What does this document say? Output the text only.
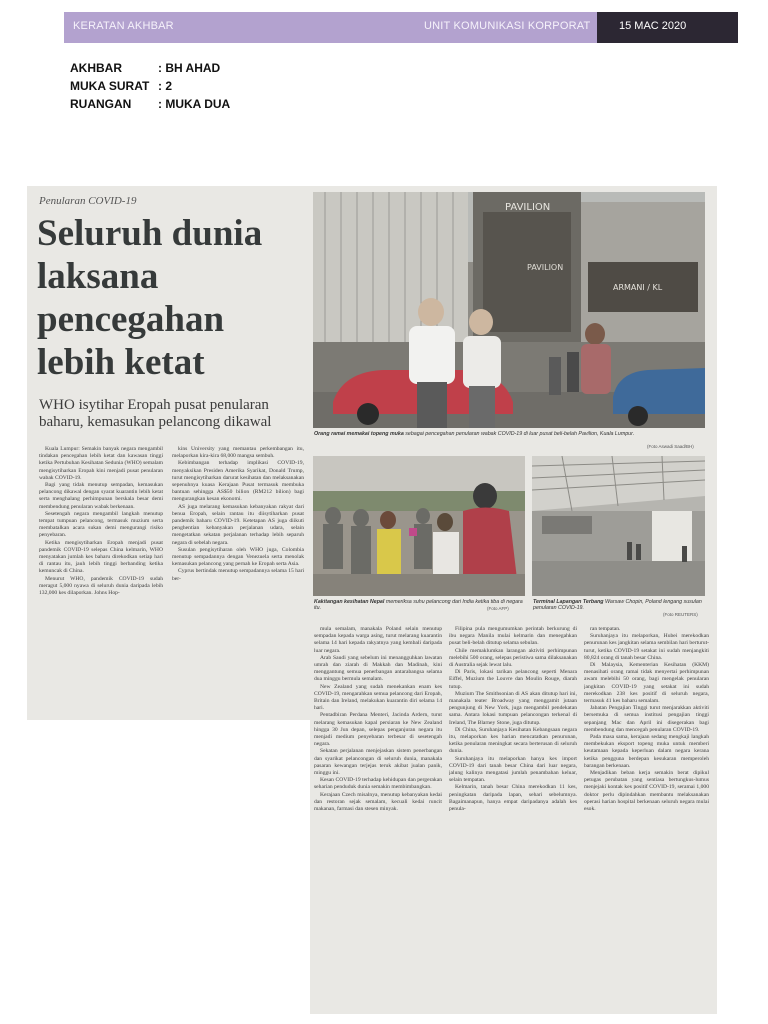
KERATAN AKHBAR	UNIT KOMUNIKASI KORPORAT	15 MAC 2020
AKHBAR	: BH AHAD
MUKA SURAT : 2
RUANGAN	: MUKA DUA
Penularan COVID-19
Seluruh dunia laksana pencegahan lebih ketat
WHO isytihar Eropah pusat penularan baharu, kemasukan pelancong dikawal

Kuala Lumpur: Semakin banyak negara mengambil tindakan pencegahan lebih ketat dan kawasan tinggi ketika Pertubuhan Kesihatan Sedunia (WHO) semalam mengisytiharkan Eropah kini menjadi pusat penularan wabak COVID-19.

Bagi yang tidak menutup sempadan, kemasukan pelancong dikawal dengan syarat kuarantin lebih ketat serta menghalang perhimpunan berskala besar demi membendung penularan wabak berkenaan.

Sesetengah negara mengambil langkah menutup tempat tumpuan pelancong, termasuk muzium serta membatalkan acara sukan demi mengurangi risiko penyebaran.

Ketika mengisytiharkan Eropah menjadi pusat pandemik COVID-19 selepas China kelmarin, WHO menyatakan jumlah kes baharu direkodkan setiap hari di rantau itu, jauh lebih tinggi berbanding ketika kemuncak di China.

Menurut WHO, pandemik COVID-19 sudah meragut 5,000 nyawa di seluruh dunia daripada lebih 132,000 kes dilaporkan. Johns Hop-

kins University yang memantau perkembangan itu, melaporkan kira-kira 68,000 mangsa sembuh.

Kebimbangan terhadap implikasi COVID-19, menyaksikan Presiden Amerika Syarikat, Donald Trump, turut mengisytiharkan darurat kesihatan dan melaksanakan sepenuhnya kuasa Kerajaan Pusat termasuk membuka bantuan sehingga AS$50 bilion (RM212 bilion) bagi mengurangkan kesan ekonomi.

AS juga melarang kemasukan kebanyakan rakyat dari benua Eropah, selain rantau itu diisytiharkan pusat pandemik baharu COVID-19. Ketetapan AS juga diikuti penghentian kebanyakan perjalanan udara, selain mengetatkan sekatan perjalanan terhadap lebih separuh negara di sebelah negara.

Susulan pengisytiharan oleh WHO juga, Colombia menutup sempadannya dengan Venezuela serta menolak kemasukan pelancong yang pernah ke Eropah serta Asia.

Cyprus bertindak menutup sempadannya selama 15 hari ber-

PAVILION
PAVILION
ARMANI / KL
Orang ramai memakai topeng muka sebagai pencegahan penularan wabak COVID-19 di luar pusat beli-belah Pavilion, Kuala Lumpur.
(Foto Aswadi Saad/BH)
Kakitangan kesihatan Nepal memeriksa suhu pelancong dari India ketika tiba di negara itu.	(Foto AFP)
Terminal Lapangan Terbang Warsaw Chopin, Poland lengang susulan penularan COVID-19.
(Foto REUTERS)

mula semalam, manakala Poland selain menutup sempadan kepada warga asing, turut melarang kuarantin selama 14 hari kepada rakyatnya yang kembali daripada luar negara.

Arab Saudi yang sebelum ini menangguhkan lawatan umrah dan ziarah di Makkah dan Madinah, kini menggantung semua penerbangan antarabangsa selama dua minggu bermula semalam.

New Zealand yang sudah menekankan enam kes COVID-19, mengarahkan semua pelancong dari Eropah, Britain dan Ireland, melakukan kuarantin diri selama 14 hari.

Pentadbiran Perdana Menteri, Jacinda Ardern, turut melarang kemasukan kapal persiaran ke New Zealand hingga 30 Jun depan, selepas penganjuran negara itu menjadi medium penyebaran terbesar di sesetengah negara.

Sekatan perjalanan menjejaskan sistem penerbangan dan syarikat pelancongan di seluruh dunia, manakala pasaran kewangan terjejas teruk akibat jualan panik, minggu ini.

Kesan COVID-19 terhadap kehidupan dan pergerakan seharian penduduk dunia semakin membimbangkan.

Kerajaan Czech misalnya, menutup kebanyakan kedai dan restoran sejak semalam, kecuali kedai runcit makanan, farmasi dan stesen minyak.

Filipina pula mengumumkan perintah berkurung di ibu negara Manila mulai kelmarin dan menegahkan pusat beli-belah ditutup selama sebulan.

Chile memaklumkan larangan aktiviti perhimpunan melebihi 500 orang, selepas peristiwa sama dilaksanakan di Australia sejak lewat lalu.

Di Paris, lokasi tarikan pelancong seperti Menara Eiffel, Muzium the Louvre dan Moulin Rouge, diarah tutup.

Muzium The Smithsonian di AS akan ditutup hari ini, manakala teater Broadway yang menggamit jutaan pengunjung di New York, juga mengambil pendekatan sama. Antara lokasi tumpuan pelancongan terkenal di Ireland, The Blarney Stone, juga ditutup.

Di China, Suruhanjaya Kesihatan Kebangsaan negara itu, melaporkan kes harian mencatatkan penurunan, ketika penularan meningkat secara berterusan di seluruh dunia.

Suruhanjaya itu melaporkan hanya kes import COVID-19 dari tanah besar China dari luar negara, jalung kalinya mengatasi jumlah penambahan keluar, selain tempatan.

Kelmarin, tanah besar China merekodkan 11 kes, peningkatan daripada lapan, sehari sebelumnya. Bagaimanapun, hanya empat daripadanya adalah kes penula-

ran tempatan.

Suruhanjaya itu melaporkan, Hubei merekodkan penurunan kes jangkitan selama sembilan hari berturut-turut, ketika COVID-19 setakat ini sudah menjangkiti 80,824 orang di tanah besar China.

Di Malaysia, Kementerian Kesihatan (KKM) menasihati orang ramai tidak menyertai perhimpunan awam melebihi 50 orang, bagi mengelak penularan jangkitan COVID-19 yang setakat ini sudah merekodkan 238 kes positif di seluruh negara, termasuk 41 kes baharu semalam.

Jabatan Pengajian Tinggi turut menjarakkan aktiviti bersemuka di semua institusi pengajian tinggi sepanjang Mac dan April ini disegerakan bagi membendung dan mencegah penularan COVID-19.

Pada masa sama, kerajaan sedang mengkaji langkah membekukan eksport topeng muka untuk memberi keutamaan kepada keperluan dalam negara kerana ketika pengguna berdepan kesukaran memperoleh barangan berkenaan.

Menjadikan beban kerja semakin berat dipikul petugas perubatan yang sentiasa bertungkus-lumus menjejaki kontak kes positif COVID-19, seramai 1,000 doktor perlu dipindahkan membantu melaksanakan operasi harian hospital berkenaan seluruh negara mulai esok.
